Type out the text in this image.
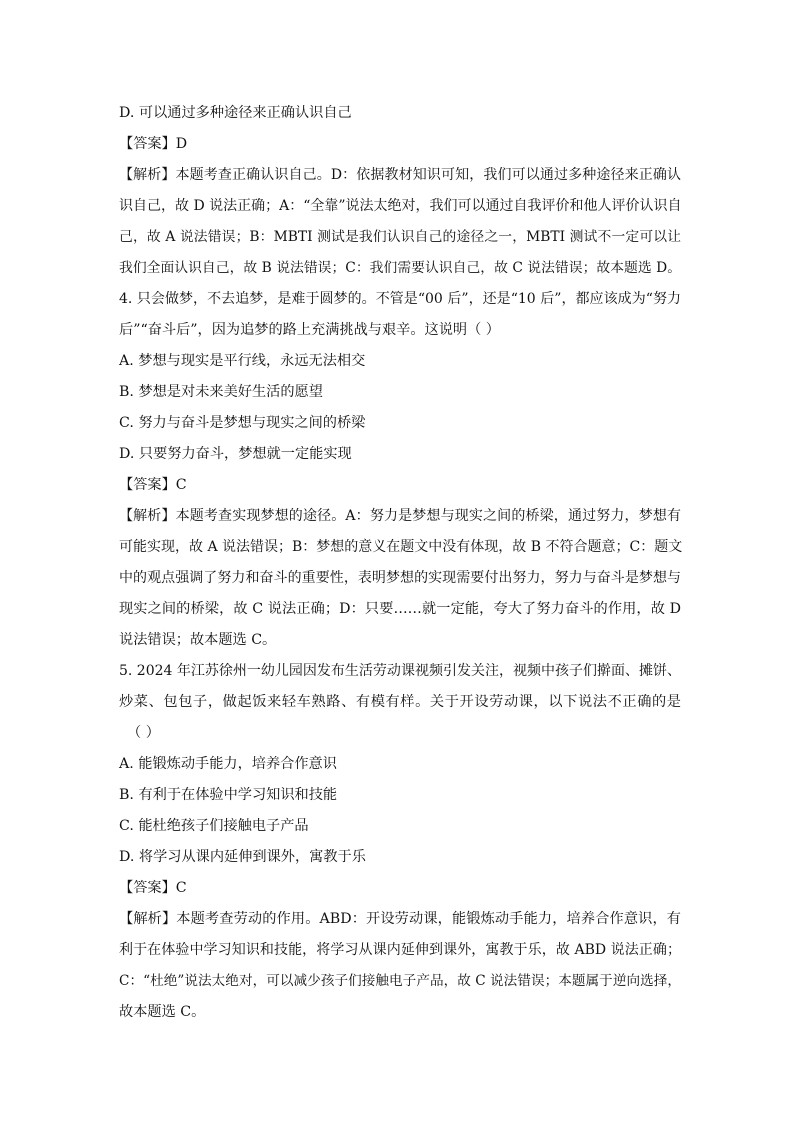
D. 可以通过多种途径来正确认识自己
【答案】D
【解析】本题考查正确认识自己。D：依据教材知识可知，我们可以通过多种途径来正确认
识自己，故 D 说法正确；A：“全靠”说法太绝对，我们可以通过自我评价和他人评价认识自
己，故 A 说法错误；B：MBTI 测试是我们认识自己的途径之一，MBTI 测试不一定可以让
我们全面认识自己，故 B 说法错误；C：我们需要认识自己，故 C 说法错误；故本题选 D。
4. 只会做梦，不去追梦，是难于圆梦的。不管是“00 后”，还是“10 后”，都应该成为“努力
后”“奋斗后”，因为追梦的路上充满挑战与艰辛。这说明（ ）
A. 梦想与现实是平行线，永远无法相交
B. 梦想是对未来美好生活的愿望
C. 努力与奋斗是梦想与现实之间的桥梁
D. 只要努力奋斗，梦想就一定能实现
【答案】C
【解析】本题考查实现梦想的途径。A：努力是梦想与现实之间的桥梁，通过努力，梦想有
可能实现，故 A 说法错误；B：梦想的意义在题文中没有体现，故 B 不符合题意；C：题文
中的观点强调了努力和奋斗的重要性，表明梦想的实现需要付出努力，努力与奋斗是梦想与
现实之间的桥梁，故 C 说法正确；D：只要……就一定能，夸大了努力奋斗的作用，故 D
说法错误；故本题选 C。
5. 2024 年江苏徐州一幼儿园因发布生活劳动课视频引发关注，视频中孩子们擀面、摊饼、
炒菜、包包子，做起饭来轻车熟路、有模有样。关于开设劳动课，以下说法不正确的是
（ ）
A. 能锻炼动手能力，培养合作意识
B. 有利于在体验中学习知识和技能
C. 能杜绝孩子们接触电子产品
D. 将学习从课内延伸到课外，寓教于乐
【答案】C
【解析】本题考查劳动的作用。ABD：开设劳动课，能锻炼动手能力，培养合作意识，有
利于在体验中学习知识和技能，将学习从课内延伸到课外，寓教于乐，故 ABD 说法正确；
C：“杜绝”说法太绝对，可以减少孩子们接触电子产品，故 C 说法错误；本题属于逆向选择，
故本题选 C。
